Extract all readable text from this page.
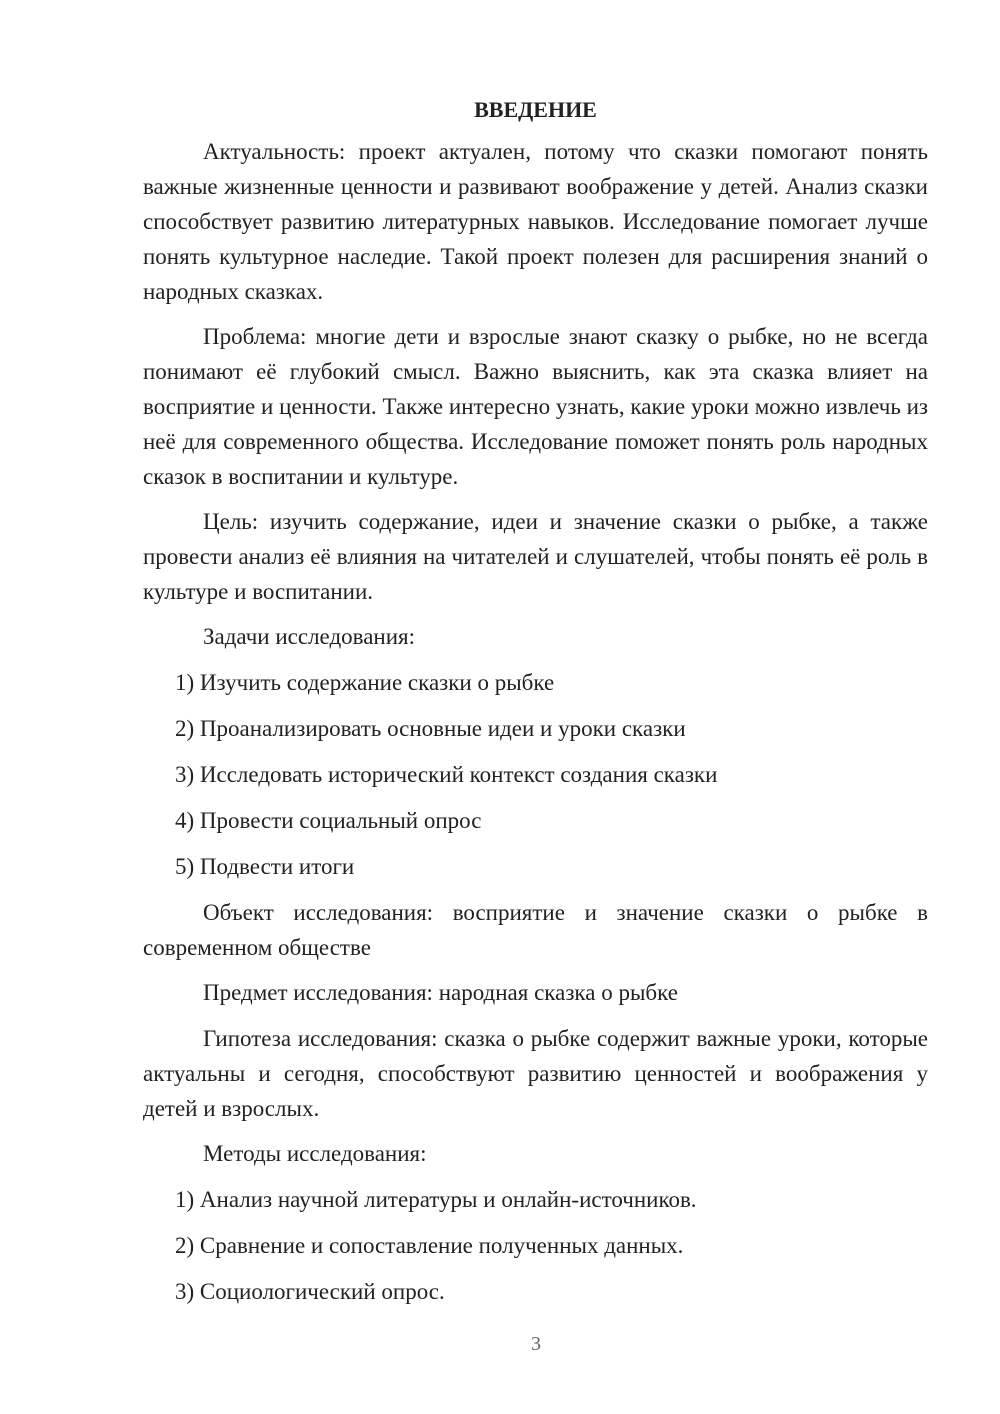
ВВЕДЕНИЕ

Актуальность: проект актуален, потому что сказки помогают понять важные жизненные ценности и развивают воображение у детей. Анализ сказки способствует развитию литературных навыков. Исследование помогает лучше понять культурное наследие. Такой проект полезен для расширения знаний о народных сказках.

Проблема: многие дети и взрослые знают сказку о рыбке, но не всегда понимают её глубокий смысл. Важно выяснить, как эта сказка влияет на восприятие и ценности. Также интересно узнать, какие уроки можно извлечь из неё для современного общества. Исследование поможет понять роль народных сказок в воспитании и культуре.

Цель: изучить содержание, идеи и значение сказки о рыбке, а также провести анализ её влияния на читателей и слушателей, чтобы понять её роль в культуре и воспитании.

Задачи исследования:

1) Изучить содержание сказки о рыбке

2) Проанализировать основные идеи и уроки сказки

3) Исследовать исторический контекст создания сказки

4) Провести социальный опрос

5) Подвести итоги

Объект исследования: восприятие и значение сказки о рыбке в современном обществе

Предмет исследования: народная сказка о рыбке

Гипотеза исследования: сказка о рыбке содержит важные уроки, которые актуальны и сегодня, способствуют развитию ценностей и воображения у детей и взрослых.

Методы исследования:

1) Анализ научной литературы и онлайн-источников.

2) Сравнение и сопоставление полученных данных.

3) Социологический опрос.

3
